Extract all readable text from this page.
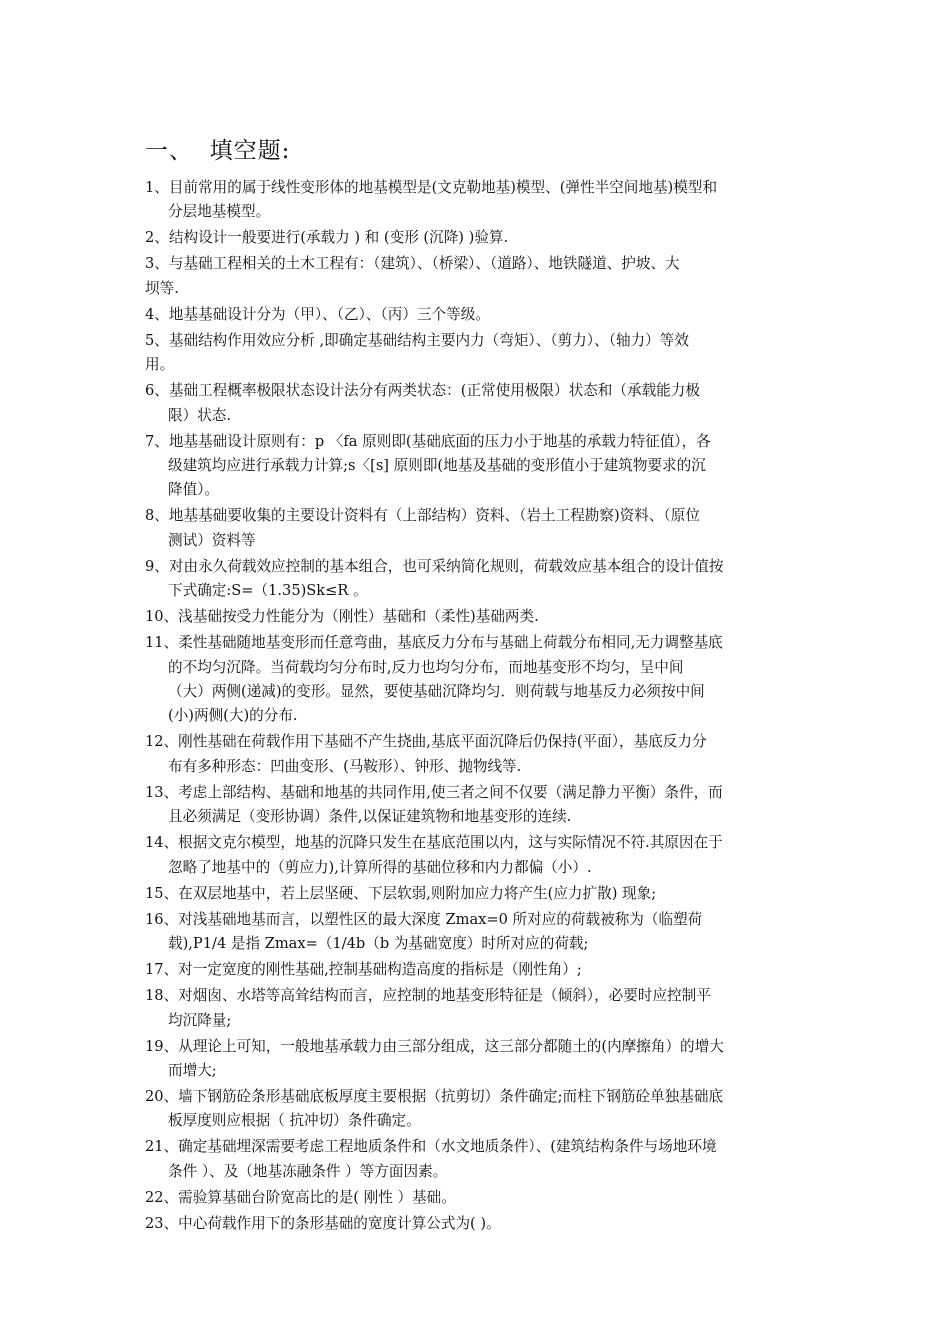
一、  填空题:
1、目前常用的属于线性变形体的地基模型是(文克勒地基)模型、(弹性半空间地基)模型和
分层地基模型。
2、结构设计一般要进行(承载力 ) 和 (变形 (沉降) )验算.
3、与基础工程相关的土木工程有：（建筑）、（桥梁）、（道路）、地铁隧道、护坡、大
坝等.
4、地基基础设计分为（甲）、（乙）、（丙）三个等级。
5、基础结构作用效应分析 ,即确定基础结构主要内力（弯矩）、（剪力）、（轴力）等效
用。
6、基础工程概率极限状态设计法分有两类状态：(正常使用极限）状态和（承载能力极
限）状态.
7、地基基础设计原则有：p 〈fa 原则即(基础底面的压力小于地基的承载力特征值），各
级建筑均应进行承载力计算;s〈[s] 原则即(地基及基础的变形值小于建筑物要求的沉
降值）。
8、地基基础要收集的主要设计资料有（上部结构）资料、（岩土工程勘察)资料、（原位
测试）资料等
9、对由永久荷载效应控制的基本组合，也可采纳简化规则，荷载效应基本组合的设计值按
下式确定:S=（1.35)Sk≤R 。
10、浅基础按受力性能分为（刚性）基础和（柔性)基础两类.
11、柔性基础随地基变形而任意弯曲，基底反力分布与基础上荷载分布相同,无力调整基底
的不均匀沉降。当荷载均匀分布时,反力也均匀分布，而地基变形不均匀，呈中间
（大）两侧(递减)的变形。显然，要使基础沉降均匀．则荷载与地基反力必须按中间
(小)两侧(大)的分布.
12、刚性基础在荷载作用下基础不产生挠曲,基底平面沉降后仍保持(平面），基底反力分
布有多种形态：凹曲变形、(马鞍形）、钟形、抛物线等.
13、考虑上部结构、基础和地基的共同作用,使三者之间不仅要（满足静力平衡）条件，而
且必须满足（变形协调）条件,以保证建筑物和地基变形的连续.
14、根据文克尔模型，地基的沉降只发生在基底范围以内，这与实际情况不符.其原因在于
忽略了地基中的（剪应力),计算所得的基础位移和内力都偏（小）.
15、在双层地基中，若上层坚硬、下层软弱,则附加应力将产生(应力扩散) 现象;
16、对浅基础地基而言，以塑性区的最大深度 Zmax=0 所对应的荷载被称为（临塑荷
载),P1/4 是指 Zmax=（1/4b（b 为基础宽度）时所对应的荷载;
17、对一定宽度的刚性基础,控制基础构造高度的指标是（刚性角）;
18、对烟囱、水塔等高耸结构而言，应控制的地基变形特征是（倾斜），必要时应控制平
均沉降量;
19、从理论上可知，一般地基承载力由三部分组成，这三部分都随土的(内摩擦角）的增大
而增大;
20、墙下钢筋砼条形基础底板厚度主要根据（抗剪切）条件确定;而柱下钢筋砼单独基础底
板厚度则应根据（ 抗冲切）条件确定。
21、确定基础埋深需要考虑工程地质条件和（水文地质条件）、(建筑结构条件与场地环境
条件 ）、及（地基冻融条件 ）等方面因素。
22、需验算基础台阶宽高比的是( 刚性 ）基础。
23、中心荷载作用下的条形基础的宽度计算公式为( )。
